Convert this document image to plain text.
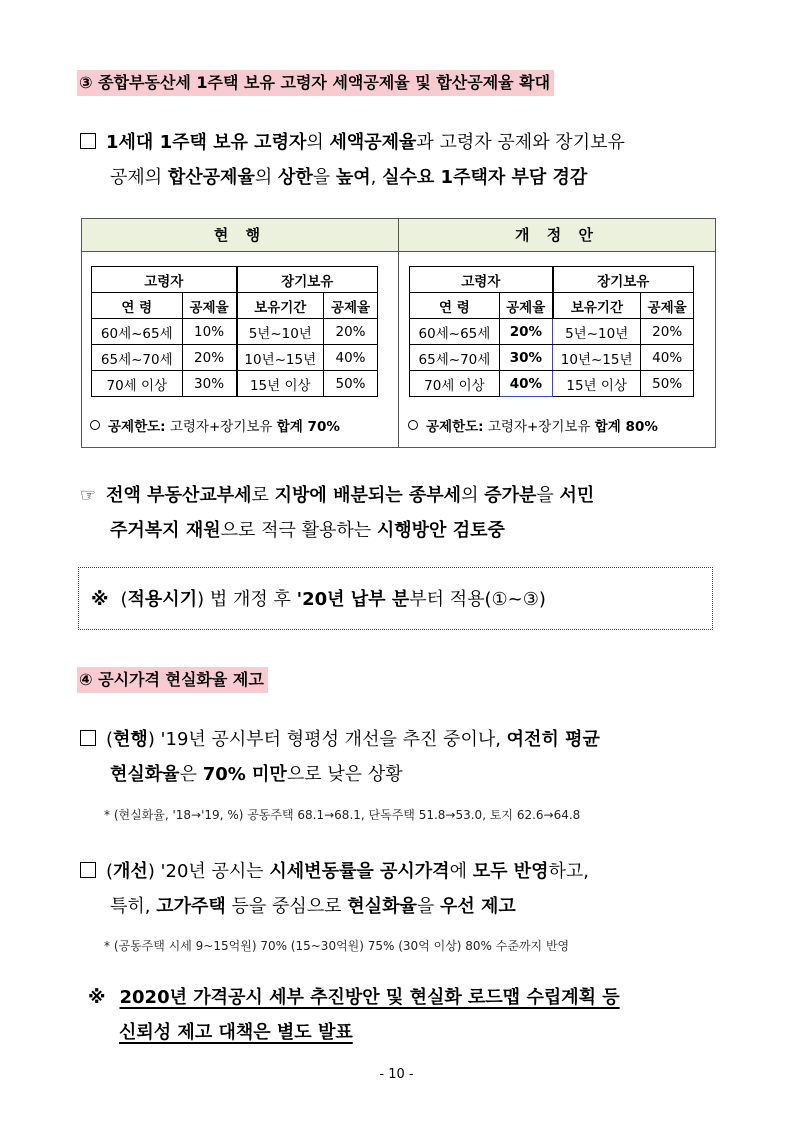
③ 종합부동산세 1주택 보유 고령자 세액공제율 및 합산공제율 확대
1세대 1주택 보유 고령자의 세액공제율과 고령자 공제와 장기보유
공제의 합산공제율의 상한을 높여, 실수요 1주택자 부담 경감
현 행	개 정 안
고령자		장기보유	
연 령	공제율	보유기간	공제율
60세~65세	10%	5년~10년	20%
65세~70세	20%	10년~15년	40%
70세 이상	30%	15년 이상	50%
고령자		장기보유	
연 령	공제율	보유기간	공제율
60세~65세	20%	5년~10년	20%
65세~70세	30%	10년~15년	40%
70세 이상	40%	15년 이상	50%
공제한도: 고령자+장기보유 합계 70%	공제한도: 고령자+장기보유 합계 80%
☞ 전액 부동산교부세로 지방에 배분되는 종부세의 증가분을 서민
주거복지 재원으로 적극 활용하는 시행방안 검토중
※ (적용시기) 법 개정 후 '20년 납부 분부터 적용(①~③)
④ 공시가격 현실화율 제고
(현행) '19년 공시부터 형평성 개선을 추진 중이나, 여전히 평균
현실화율은 70% 미만으로 낮은 상황
* (현실화율, '18→'19, %) 공동주택 68.1→68.1, 단독주택 51.8→53.0, 토지 62.6→64.8
(개선) '20년 공시는 시세변동률을 공시가격에 모두 반영하고,
특히, 고가주택 등을 중심으로 현실화율을 우선 제고
* (공동주택 시세 9~15억원) 70% (15~30억원) 75% (30억 이상) 80% 수준까지 반영
※ 2020년 가격공시 세부 추진방안 및 현실화 로드맵 수립계획 등
신뢰성 제고 대책은 별도 발표
- 10 -
